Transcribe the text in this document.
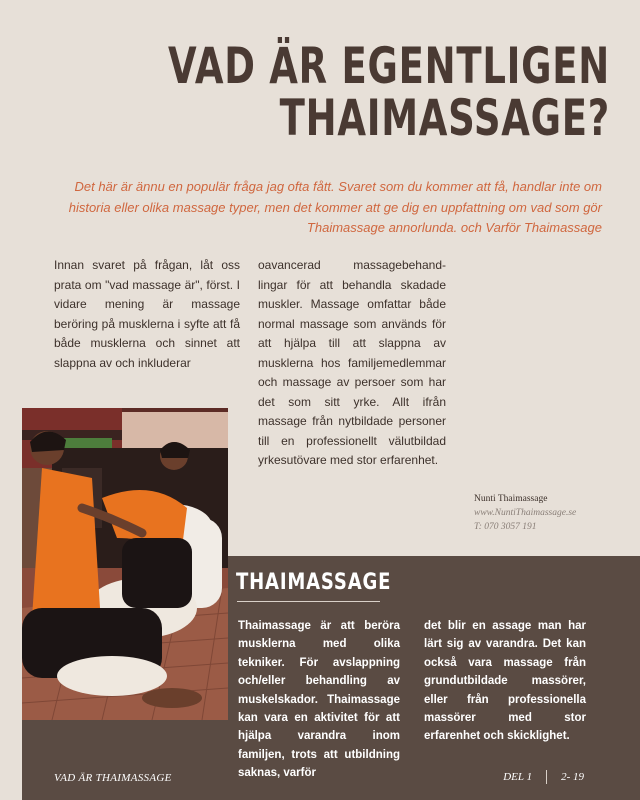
VAD ÄR EGENTLIGEN
THAIMASSAGE?

Det här är ännu en populär fråga jag ofta fått. Svaret som du kommer att få, handlar inte om historia eller olika massage typer, men det kommer att ge dig en uppfattning om vad som gör Thaimassage annorlunda. och Varför Thaimassage

Innan svaret på frågan, låt oss prata om "vad massage är", först. I vidare mening är massage beröring på musklerna i syfte att få både musklerna och sinnet att slappna av och inkluderar

oavancerad massagebehand-lingar för att behandla skadade muskler. Massage omfattar både normal massage som används för att hjälpa till att slappna av musklerna hos familjemedlemmar och massage av persoer som har det som sitt yrke. Allt ifrån massage från nytbildade personer till en professionellt välutbildad yrkesutövare med stor erfarenhet.

Nunti Thaimassage
www.NuntiThaimassage.se
T: 070 3057 191
THAIMASSAGE

Thaimassage är att beröra musklerna med olika tekniker. För avslappning och/eller behandling av muskelskador. Thaimassage kan vara en aktivitet för att hjälpa varandra inom familjen, trots att utbildning saknas, varför

det blir en assage man har lärt sig av varandra. Det kan också vara massage från grundutbildade massörer, eller från professionella massörer med stor erfarenhet och skicklighet.

VAD ÄR THAIMASSAGE	DEL 1	2- 19
